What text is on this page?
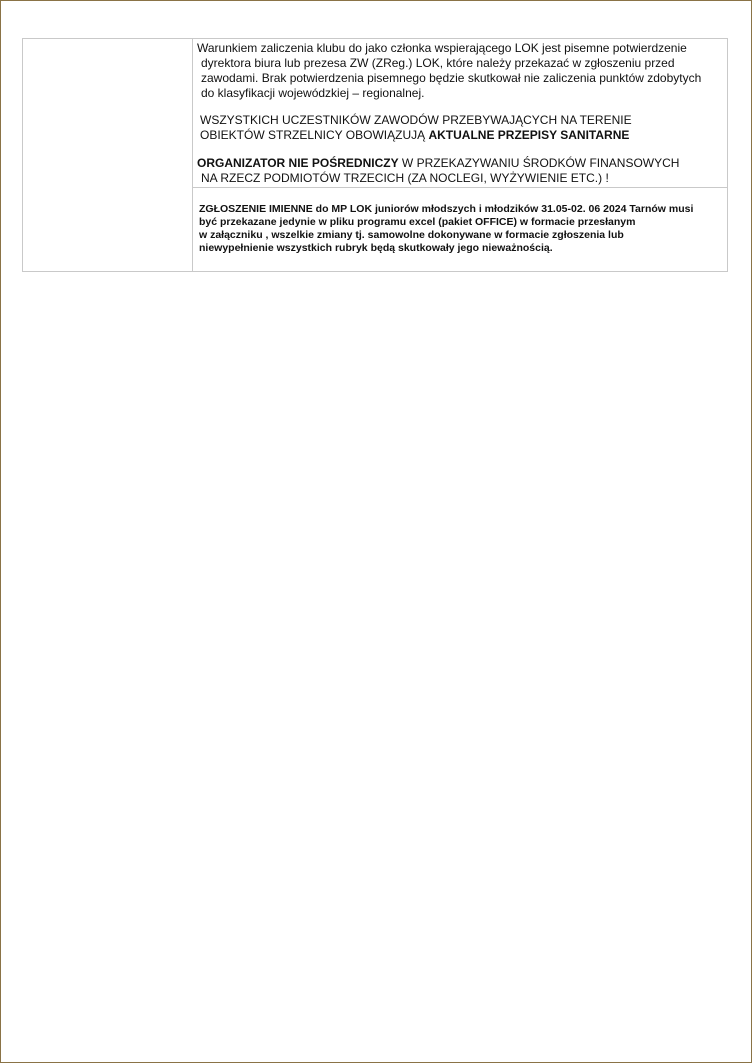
Warunkiem zaliczenia klubu do jako członka wspierającego LOK jest pisemne potwierdzenie
dyrektora biura lub prezesa ZW (ZReg.) LOK, które należy przekazać w zgłoszeniu przed
zawodami. Brak potwierdzenia pisemnego będzie skutkował nie zaliczenia punktów zdobytych
do klasyfikacji wojewódzkiej – regionalnej.
WSZYSTKICH UCZESTNIKÓW ZAWODÓW PRZEBYWAJĄCYCH NA TERENIE
OBIEKTÓW STRZELNICY OBOWIĄZUJĄ AKTUALNE PRZEPISY SANITARNE
ORGANIZATOR NIE POŚREDNICZY W PRZEKAZYWANIU ŚRODKÓW FINANSOWYCH
NA RZECZ PODMIOTÓW TRZECICH (ZA NOCLEGI, WYŻYWIENIE ETC.) !
ZGŁOSZENIE IMIENNE do MP LOK juniorów młodszych i młodzików 31.05-02. 06 2024 Tarnów musi
być przekazane jedynie w pliku programu excel (pakiet OFFICE) w formacie przesłanym
w załączniku , wszelkie zmiany tj. samowolne dokonywane w formacie zgłoszenia lub
niewypełnienie wszystkich rubryk będą skutkowały jego nieważnością.
